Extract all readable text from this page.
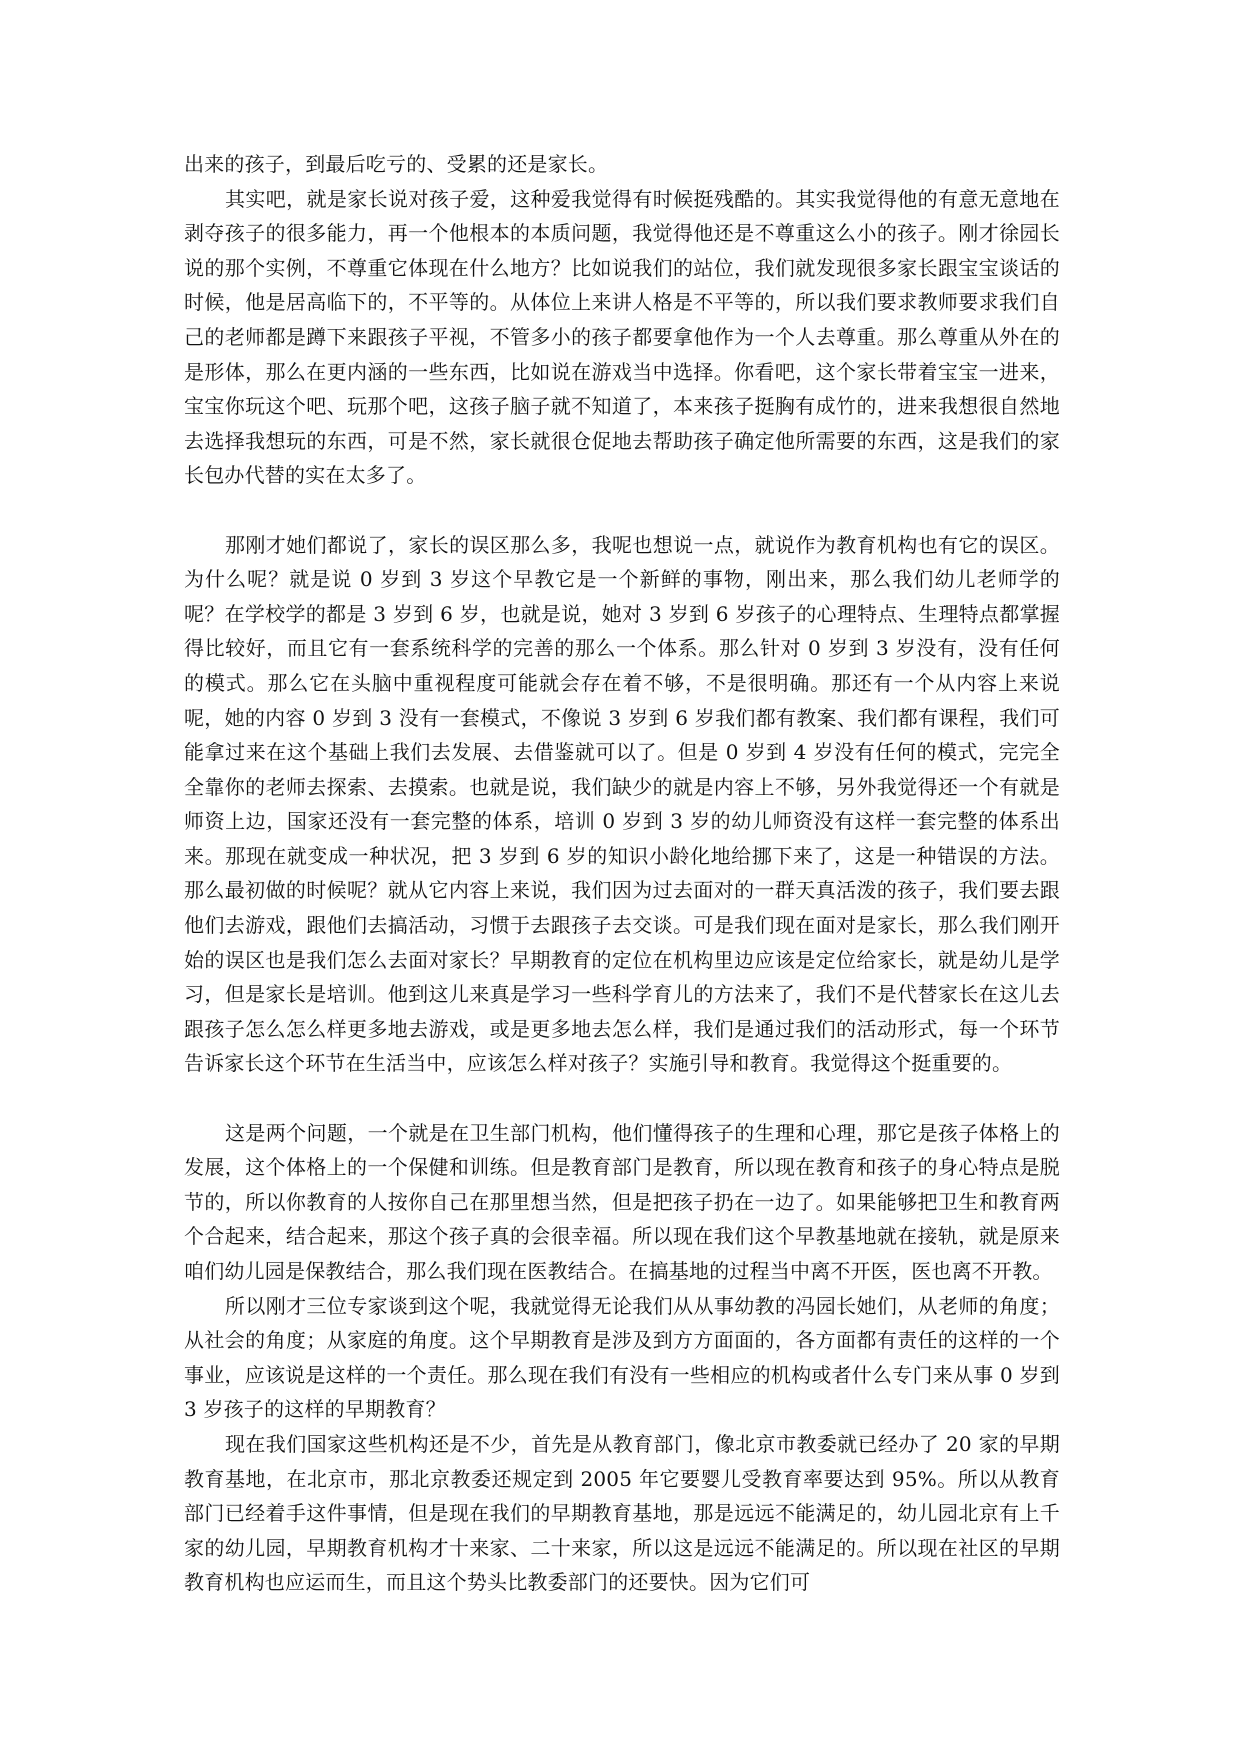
出来的孩子，到最后吃亏的、受累的还是家长。

其实吧，就是家长说对孩子爱，这种爱我觉得有时候挺残酷的。其实我觉得他的有意无意地在剥夺孩子的很多能力，再一个他根本的本质问题，我觉得他还是不尊重这么小的孩子。刚才徐园长说的那个实例，不尊重它体现在什么地方？比如说我们的站位，我们就发现很多家长跟宝宝谈话的时候，他是居高临下的，不平等的。从体位上来讲人格是不平等的，所以我们要求教师要求我们自己的老师都是蹲下来跟孩子平视，不管多小的孩子都要拿他作为一个人去尊重。那么尊重从外在的是形体，那么在更内涵的一些东西，比如说在游戏当中选择。你看吧，这个家长带着宝宝一进来，宝宝你玩这个吧、玩那个吧，这孩子脑子就不知道了，本来孩子挺胸有成竹的，进来我想很自然地去选择我想玩的东西，可是不然，家长就很仓促地去帮助孩子确定他所需要的东西，这是我们的家长包办代替的实在太多了。

那刚才她们都说了，家长的误区那么多，我呢也想说一点，就说作为教育机构也有它的误区。为什么呢？就是说 0 岁到 3 岁这个早教它是一个新鲜的事物，刚出来，那么我们幼儿老师学的呢？在学校学的都是 3 岁到 6 岁，也就是说，她对 3 岁到 6 岁孩子的心理特点、生理特点都掌握得比较好，而且它有一套系统科学的完善的那么一个体系。那么针对 0 岁到 3 岁没有，没有任何的模式。那么它在头脑中重视程度可能就会存在着不够，不是很明确。那还有一个从内容上来说呢，她的内容 0 岁到 3 没有一套模式，不像说 3 岁到 6 岁我们都有教案、我们都有课程，我们可能拿过来在这个基础上我们去发展、去借鉴就可以了。但是 0 岁到 4 岁没有任何的模式，完完全全靠你的老师去探索、去摸索。也就是说，我们缺少的就是内容上不够，另外我觉得还一个有就是师资上边，国家还没有一套完整的体系，培训 0 岁到 3 岁的幼儿师资没有这样一套完整的体系出来。那现在就变成一种状况，把 3 岁到 6 岁的知识小龄化地给挪下来了，这是一种错误的方法。那么最初做的时候呢？就从它内容上来说，我们因为过去面对的一群天真活泼的孩子，我们要去跟他们去游戏，跟他们去搞活动，习惯于去跟孩子去交谈。可是我们现在面对是家长，那么我们刚开始的误区也是我们怎么去面对家长？早期教育的定位在机构里边应该是定位给家长，就是幼儿是学习，但是家长是培训。他到这儿来真是学习一些科学育儿的方法来了，我们不是代替家长在这儿去跟孩子怎么怎么样更多地去游戏，或是更多地去怎么样，我们是通过我们的活动形式，每一个环节告诉家长这个环节在生活当中，应该怎么样对孩子？实施引导和教育。我觉得这个挺重要的。

这是两个问题，一个就是在卫生部门机构，他们懂得孩子的生理和心理，那它是孩子体格上的发展，这个体格上的一个保健和训练。但是教育部门是教育，所以现在教育和孩子的身心特点是脱节的，所以你教育的人按你自己在那里想当然，但是把孩子扔在一边了。如果能够把卫生和教育两个合起来，结合起来，那这个孩子真的会很幸福。所以现在我们这个早教基地就在接轨，就是原来咱们幼儿园是保教结合，那么我们现在医教结合。在搞基地的过程当中离不开医，医也离不开教。

所以刚才三位专家谈到这个呢，我就觉得无论我们从从事幼教的冯园长她们，从老师的角度；从社会的角度；从家庭的角度。这个早期教育是涉及到方方面面的，各方面都有责任的这样的一个事业，应该说是这样的一个责任。那么现在我们有没有一些相应的机构或者什么专门来从事 0 岁到 3 岁孩子的这样的早期教育？

现在我们国家这些机构还是不少，首先是从教育部门，像北京市教委就已经办了 20 家的早期教育基地，在北京市，那北京教委还规定到 2005 年它要婴儿受教育率要达到 95%。所以从教育部门已经着手这件事情，但是现在我们的早期教育基地，那是远远不能满足的，幼儿园北京有上千家的幼儿园，早期教育机构才十来家、二十来家，所以这是远远不能满足的。所以现在社区的早期教育机构也应运而生，而且这个势头比教委部门的还要快。因为它们可
